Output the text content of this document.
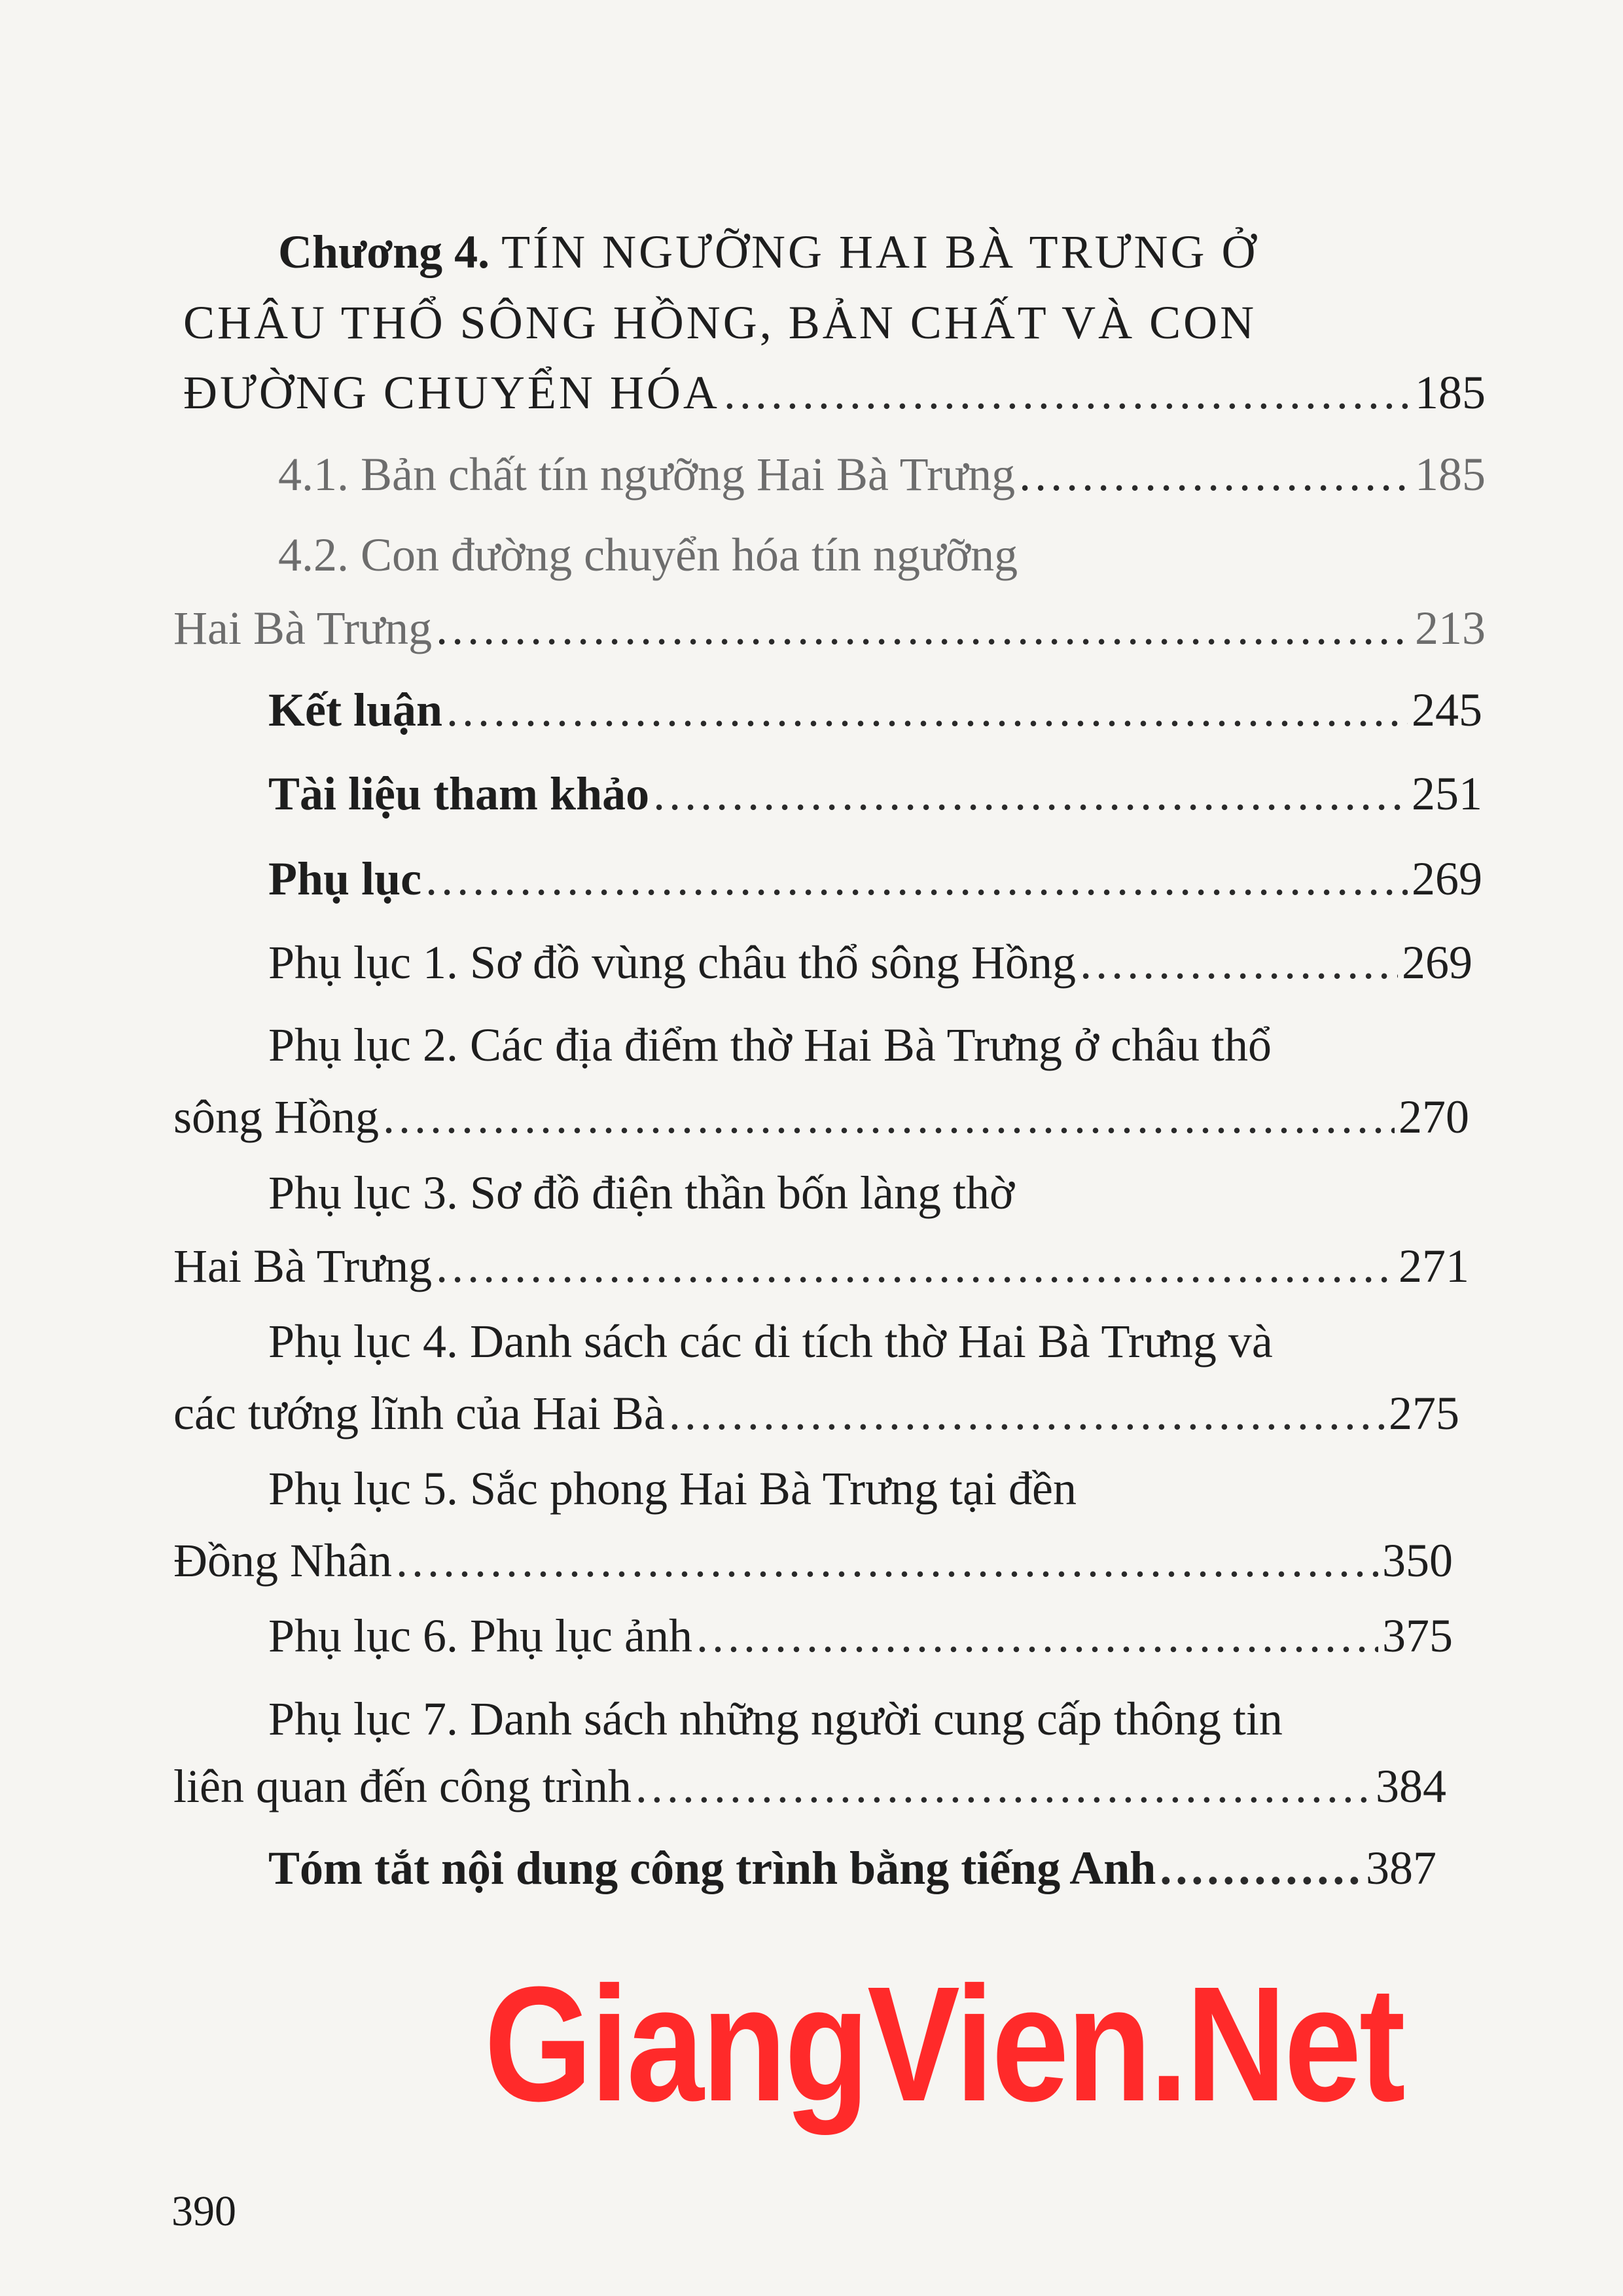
Chương 4. TÍN NGƯỠNG HAI BÀ TRƯNG Ở
CHÂU THỔ SÔNG HỒNG, BẢN CHẤT VÀ CON
ĐƯỜNG CHUYỂN HÓA .....	185
4.1. Bản chất tín ngưỡng Hai Bà Trưng .....	185
4.2. Con đường chuyển hóa tín ngưỡng
Hai Bà Trưng .....	213
Kết luận .....	245
Tài liệu tham khảo .....	251
Phụ lục .....	269
Phụ lục 1. Sơ đồ vùng châu thổ sông Hồng .....	269
Phụ lục 2. Các địa điểm thờ Hai Bà Trưng ở châu thổ
sông Hồng .....	270
Phụ lục 3. Sơ đồ điện thần bốn làng thờ
Hai Bà Trưng .....	271
Phụ lục 4. Danh sách các di tích thờ Hai Bà Trưng và
các tướng lĩnh của Hai Bà .....	275
Phụ lục 5. Sắc phong Hai Bà Trưng tại đền
Đồng Nhân .....	350
Phụ lục 6. Phụ lục ảnh .....	375
Phụ lục 7. Danh sách những người cung cấp thông tin
liên quan đến công trình .....	384
Tóm tắt nội dung công trình bằng tiếng Anh .....	387
GiangVien.Net
390
